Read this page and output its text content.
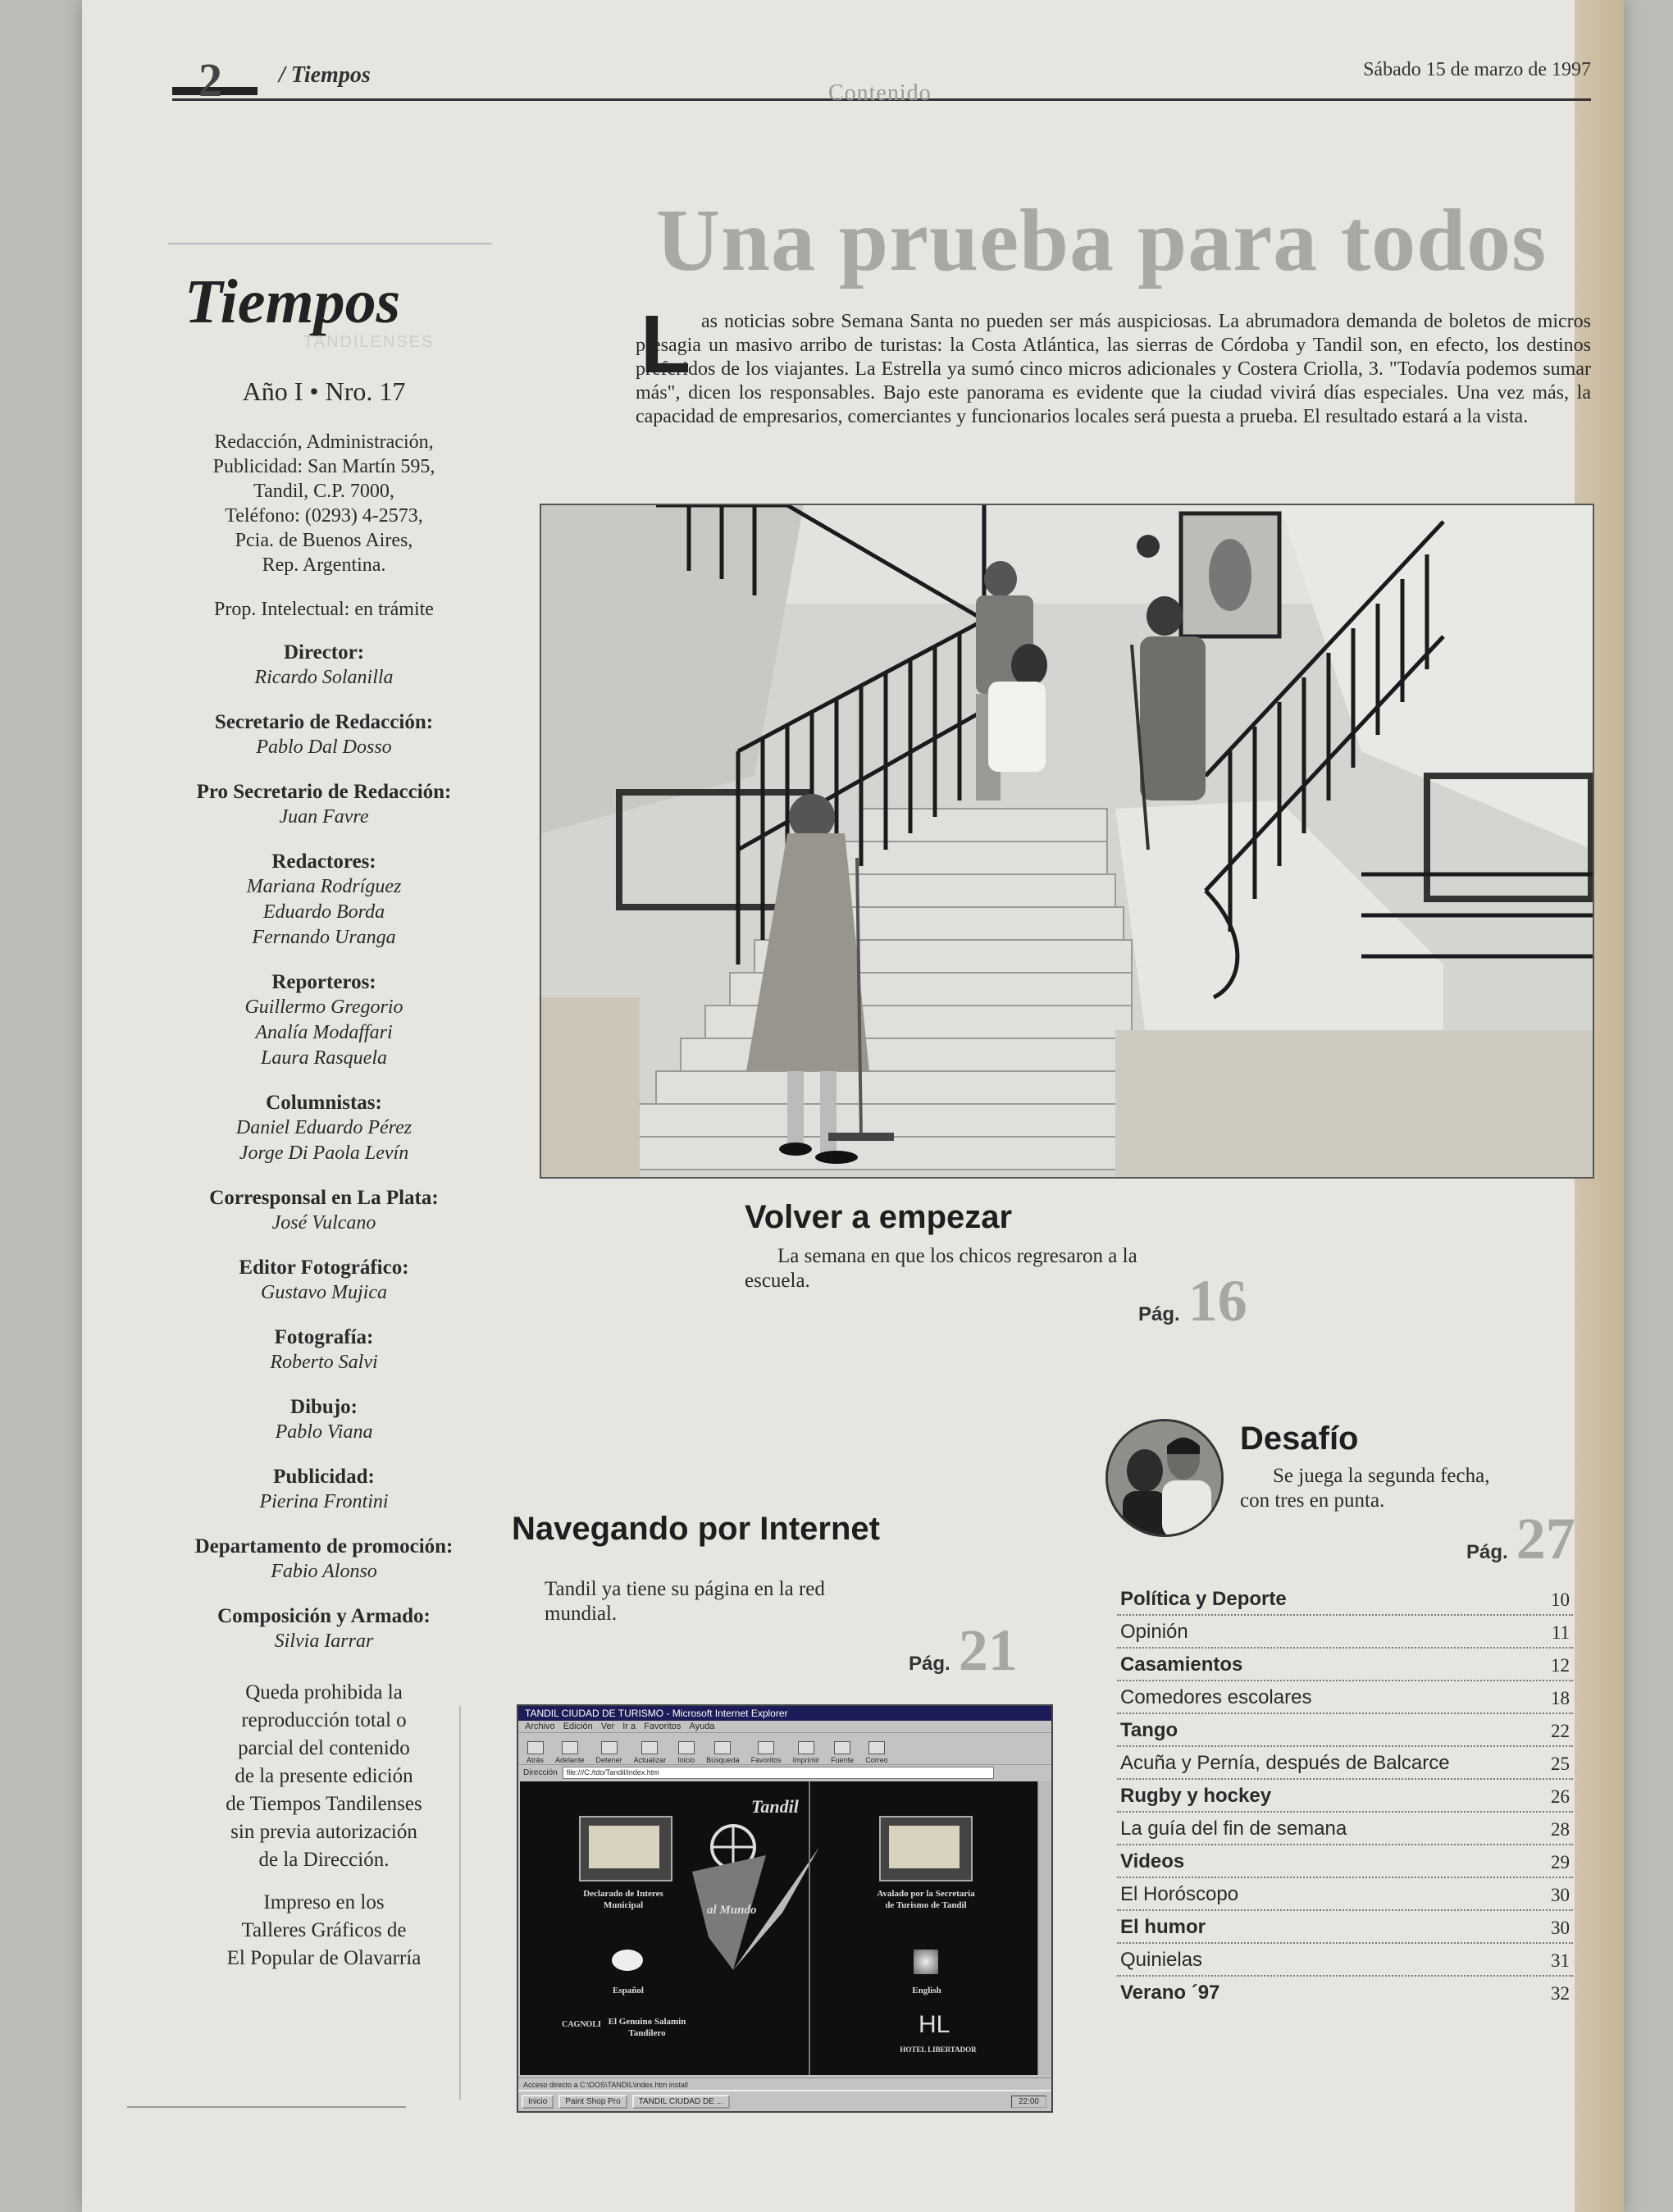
2 / Tiempos
Contenido
Sábado 15 de marzo de 1997
Tiempos
TANDILENSES
Año I • Nro. 17
Redacción, Administración,
Publicidad: San Martín 595,
Tandil, C.P. 7000,
Teléfono: (0293) 4-2573,
Pcia. de Buenos Aires,
Rep. Argentina.
Prop. Intelectual: en trámite
Director:
Ricardo Solanilla
Secretario de Redacción:
Pablo Dal Dosso
Pro Secretario de Redacción:
Juan Favre
Redactores:
Mariana Rodríguez
Eduardo Borda
Fernando Uranga
Reporteros:
Guillermo Gregorio
Analía Modaffari
Laura Rasquela
Columnistas:
Daniel Eduardo Pérez
Jorge Di Paola Levín
Corresponsal en La Plata:
José Vulcano
Editor Fotográfico:
Gustavo Mujica
Fotografía:
Roberto Salvi
Dibujo:
Pablo Viana
Publicidad:
Pierina Frontini
Departamento de promoción:
Fabio Alonso
Composición y Armado:
Silvia Iarrar
Queda prohibida la
reproducción total o
parcial del contenido
de la presente edición
de Tiempos Tandilenses
sin previa autorización
de la Dirección.
Impreso en los
Talleres Gráficos de
El Popular de Olavarría
Una prueba para todos
L as noticias sobre Semana Santa no pueden ser más auspiciosas. La abrumadora demanda de boletos de micros presagia un masivo arribo de turistas: la Costa Atlántica, las sierras de Córdoba y Tandil son, en efecto, los destinos preferidos de los viajantes. La Estrella ya sumó cinco micros adicionales y Costera Criolla, 3. "Todavía podemos sumar más", dicen los responsables. Bajo este panorama es evidente que la ciudad vivirá días especiales. Una vez más, la capacidad de empresarios, comerciantes y funcionarios locales será puesta a prueba. El resultado estará a la vista.

Volver a empezar
La semana en que los chicos regresaron a la escuela.
Pág. 16
Desafío
Se juega la segunda fecha, con tres en punta.
Pág. 27
Navegando por Internet
Tandil ya tiene su página en la red mundial.
Pág. 21
TANDIL CIUDAD DE TURISMO - Microsoft Internet Explorer
Archivo Edición Ver Ir a Favoritos Ayuda
Atrás Adelante Detener Actualizar Inicio Búsqueda Favoritos Imprimir Fuente Correo
Dirección	file:///C:/tdo/Tandil/index.htm
Tandil
al Mundo
Declarado de Interes Municipal
Avalado por la Secretaria de Turismo de Tandil
Español	English
CAGNOLI El Genuino Salamin Tandilero	HL
HOTEL LIBERTADOR
Acceso directo a C:\DOS\TANDIL\index.htm install
Inicio	Paint Shop Pro	TANDIL CIUDAD DE ...	22:00
Política y Deporte	10
Opinión	11
Casamientos	12
Comedores escolares	18
Tango	22
Acuña y Pernía, después de Balcarce	25
Rugby y hockey	26
La guía del fin de semana	28
Videos	29
El Horóscopo	30
El humor	30
Quinielas	31
Verano ´97	32
